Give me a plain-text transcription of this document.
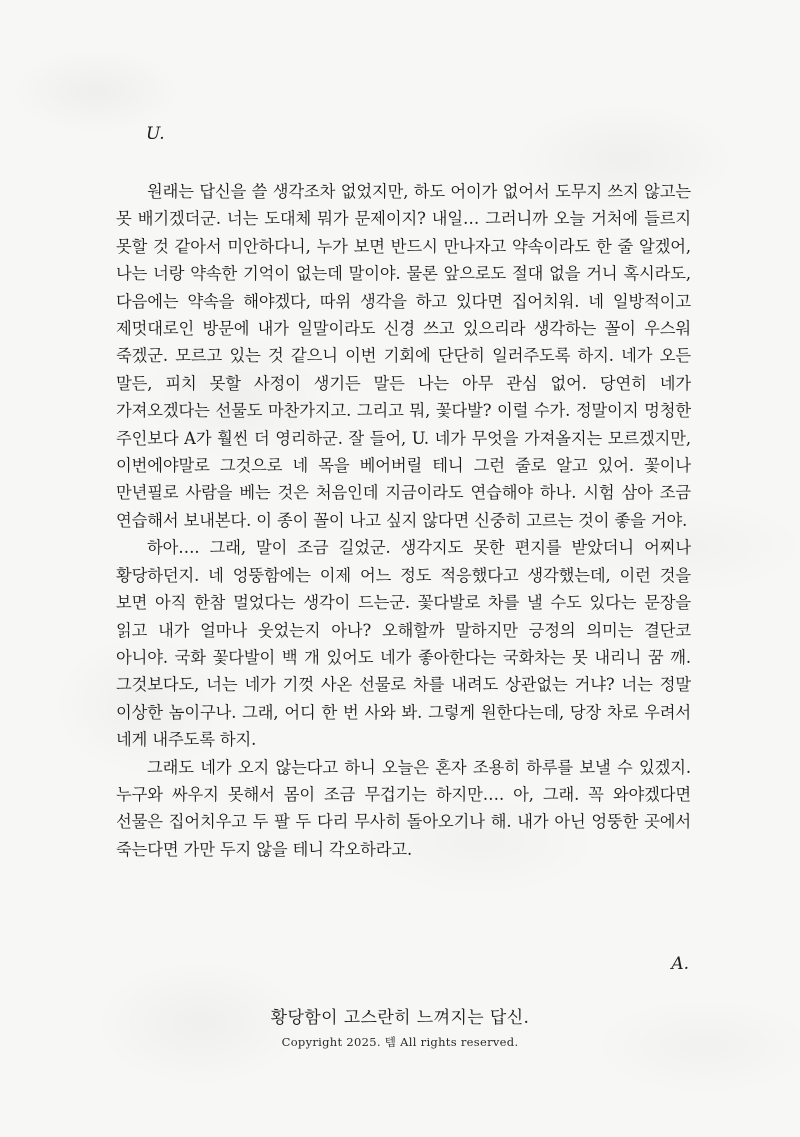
U.

원래는 답신을 쓸 생각조차 없었지만, 하도 어이가 없어서 도무지 쓰지 않고는 못 배기겠더군. 너는 도대체 뭐가 문제이지? 내일… 그러니까 오늘 거처에 들르지 못할 것 같아서 미안하다니, 누가 보면 반드시 만나자고 약속이라도 한 줄 알겠어, 나는 너랑 약속한 기억이 없는데 말이야. 물론 앞으로도 절대 없을 거니 혹시라도, 다음에는 약속을 해야겠다, 따위 생각을 하고 있다면 집어치워. 네 일방적이고 제멋대로인 방문에 내가 일말이라도 신경 쓰고 있으리라 생각하는 꼴이 우스워 죽겠군. 모르고 있는 것 같으니 이번 기회에 단단히 일러주도록 하지. 네가 오든 말든, 피치 못할 사정이 생기든 말든 나는 아무 관심 없어. 당연히 네가 가져오겠다는 선물도 마찬가지고. 그리고 뭐, 꽃다발? 이럴 수가. 정말이지 멍청한 주인보다 A가 훨씬 더 영리하군. 잘 들어, U. 네가 무엇을 가져올지는 모르겠지만, 이번에야말로 그것으로 네 목을 베어버릴 테니 그런 줄로 알고 있어. 꽃이나 만년필로 사람을 베는 것은 처음인데 지금이라도 연습해야 하나. 시험 삼아 조금 연습해서 보내본다. 이 종이 꼴이 나고 싶지 않다면 신중히 고르는 것이 좋을 거야.

하아…. 그래, 말이 조금 길었군. 생각지도 못한 편지를 받았더니 어찌나 황당하던지. 네 엉뚱함에는 이제 어느 정도 적응했다고 생각했는데, 이런 것을 보면 아직 한참 멀었다는 생각이 드는군. 꽃다발로 차를 낼 수도 있다는 문장을 읽고 내가 얼마나 웃었는지 아나? 오해할까 말하지만 긍정의 의미는 결단코 아니야. 국화 꽃다발이 백 개 있어도 네가 좋아한다는 국화차는 못 내리니 꿈 깨. 그것보다도, 너는 네가 기껏 사온 선물로 차를 내려도 상관없는 거냐? 너는 정말 이상한 놈이구나. 그래, 어디 한 번 사와 봐. 그렇게 원한다는데, 당장 차로 우려서 네게 내주도록 하지.

그래도 네가 오지 않는다고 하니 오늘은 혼자 조용히 하루를 보낼 수 있겠지. 누구와 싸우지 못해서 몸이 조금 무겁기는 하지만…. 아, 그래. 꼭 와야겠다면 선물은 집어치우고 두 팔 두 다리 무사히 돌아오기나 해. 내가 아닌 엉뚱한 곳에서 죽는다면 가만 두지 않을 테니 각오하라고.

A.
황당함이 고스란히 느껴지는 답신.
Copyright 2025. 템 All rights reserved.
